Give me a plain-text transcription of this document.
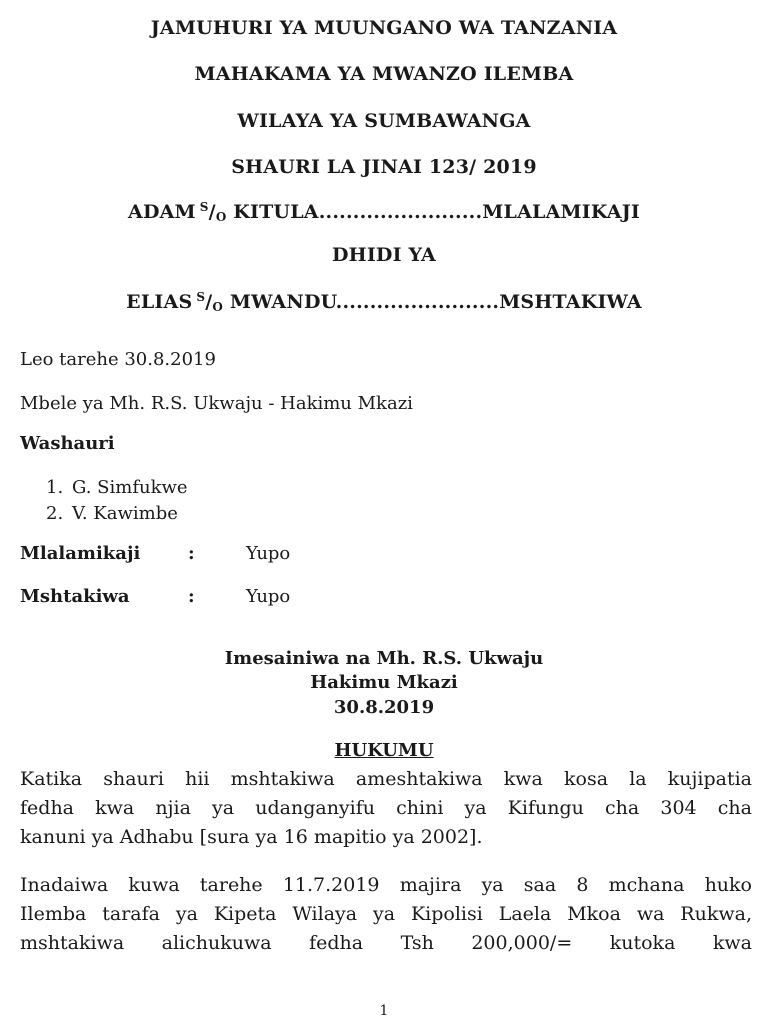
JAMUHURI YA MUUNGANO WA TANZANIA
MAHAKAMA YA MWANZO ILEMBA
WILAYA YA SUMBAWANGA
SHAURI LA JINAI 123/ 2019
ADAM $^S/_O$ KITULA........................MLALAMIKAJI
DHIDI YA
ELIAS $^S/_O$ MWANDU........................MSHTAKIWA
Leo tarehe 30.8.2019
Mbele ya Mh. R.S. Ukwaju - Hakimu Mkazi
Washauri
1. G. Simfukwe
2. V. Kawimbe
Mlalamikaji	:	Yupo
Mshtakiwa	:	Yupo
Imesainiwa na Mh. R.S. Ukwaju
Hakimu Mkazi
30.8.2019
HUKUMU
Katika shauri hii mshtakiwa ameshtakiwa kwa kosa la kujipatia
fedha kwa njia ya udanganyifu chini ya Kifungu cha 304 cha
kanuni ya Adhabu [sura ya 16 mapitio ya 2002].
Inadaiwa kuwa tarehe 11.7.2019 majira ya saa 8 mchana huko
Ilemba tarafa ya Kipeta Wilaya ya Kipolisi Laela Mkoa wa Rukwa,
mshtakiwa alichukuwa fedha Tsh 200,000/= kutoka kwa
1
